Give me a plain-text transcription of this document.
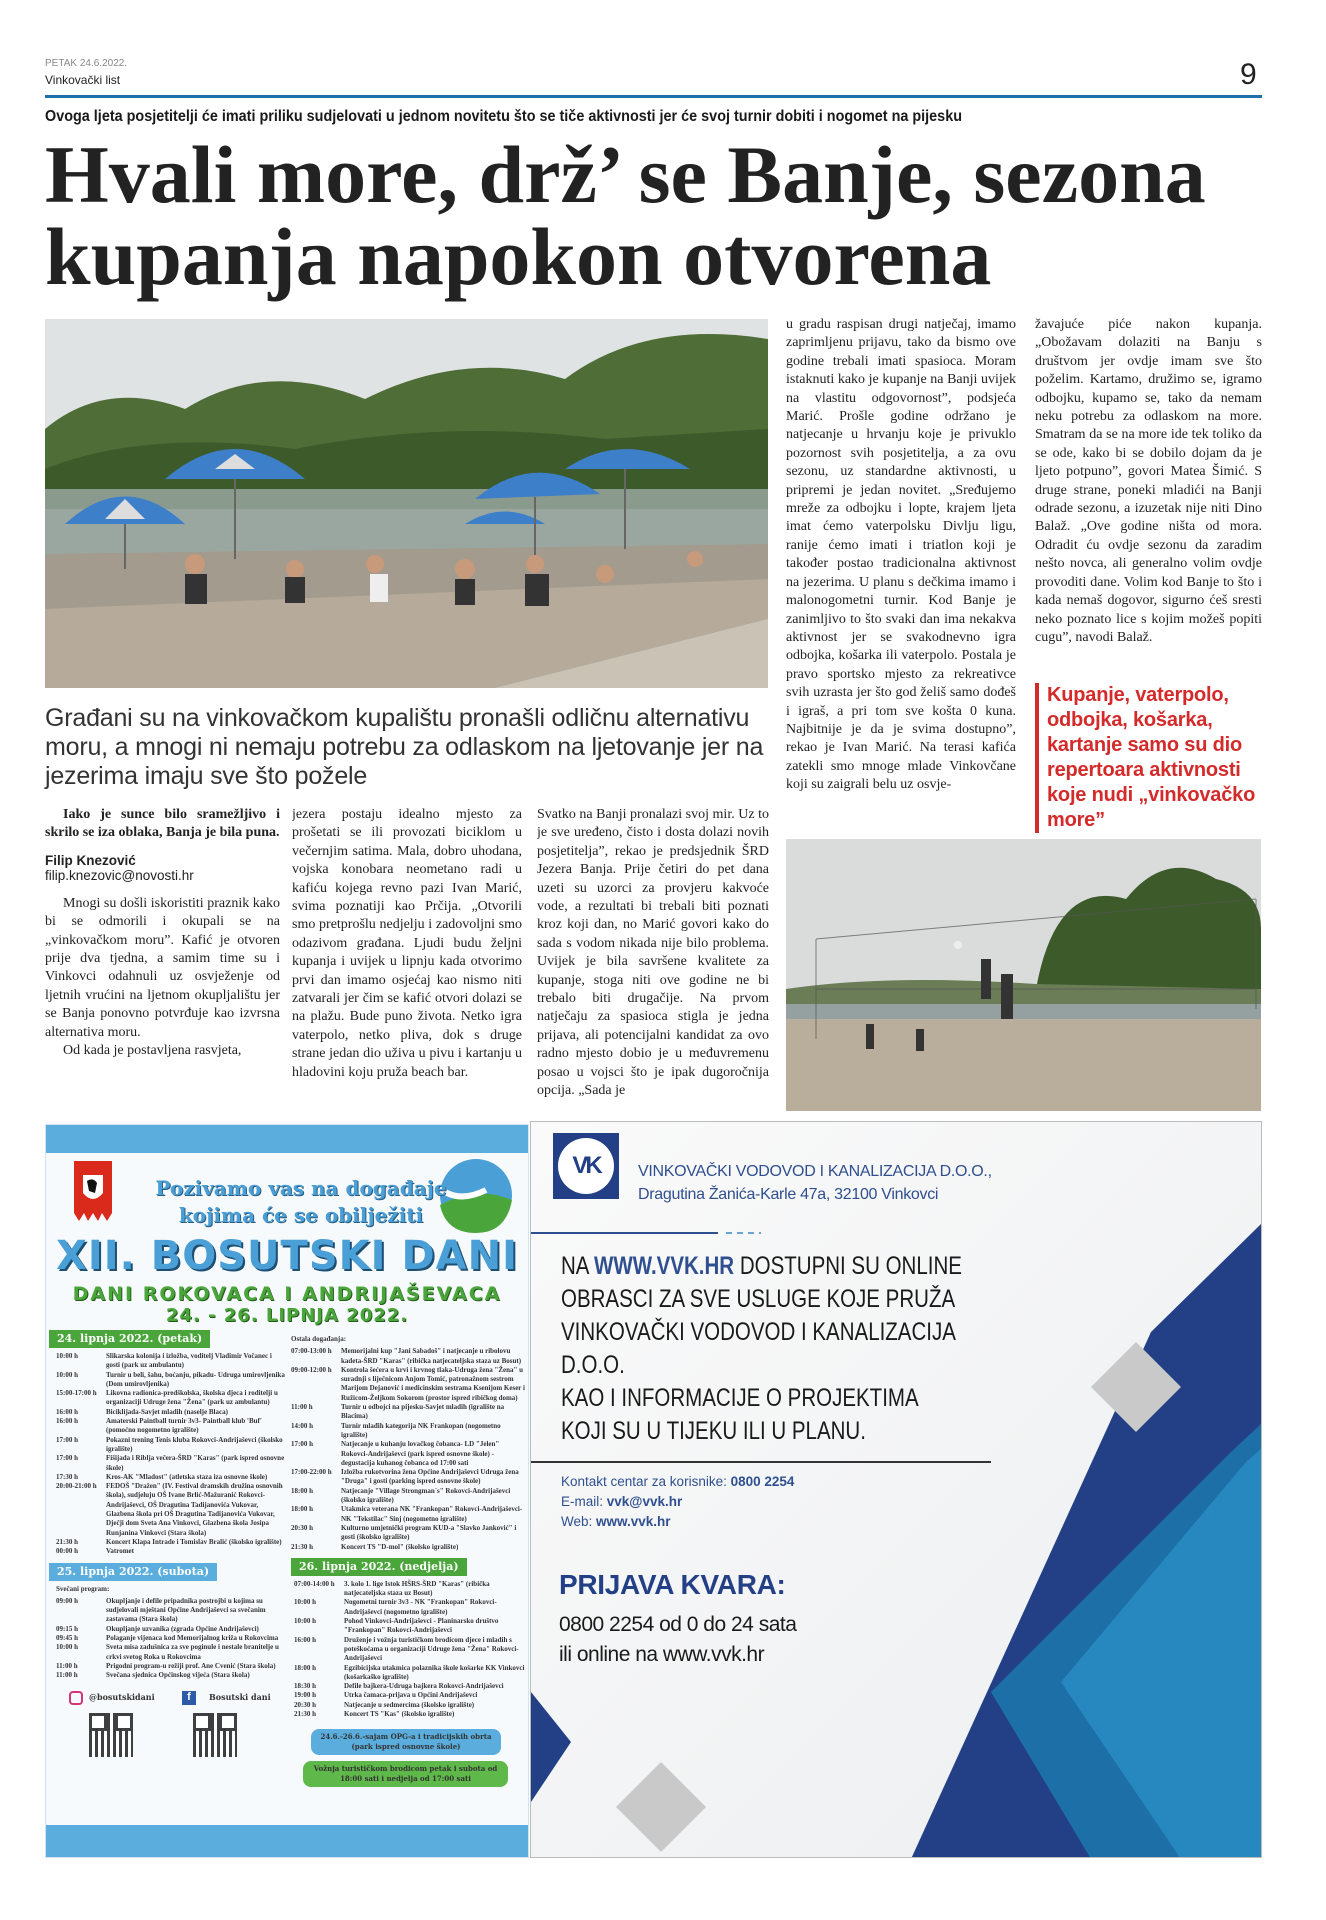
PETAK 24.6.2022.
Vinkovački list	9
Ovoga ljeta posjetitelji će imati priliku sudjelovati u jednom novitetu što se tiče aktivnosti jer će svoj turnir dobiti i nogomet na pijesku
Hvali more, drž’ se Banje, sezona kupanja napokon otvorena
Građani su na vinkovačkom kupalištu pronašli odličnu alternativu moru, a mnogi ni nemaju potrebu za odlaskom na ljetovanje jer na jezerima imaju sve što požele
Iako je sunce bilo sramežljivo i skrilo se iza oblaka, Banja je bila puna.
Filip Knezović
filip.knezovic@novosti.hr

Mnogi su došli iskoristiti praznik kako bi se odmorili i okupali se na „vinkovačkom moru”. Kafić je otvoren prije dva tjedna, a samim time su i Vinkovci odahnuli uz osvježenje od ljetnih vrućini na ljetnom okupljalištu jer se Banja ponovno potvrđuje kao izvrsna alternativa moru.

Od kada je postavljena rasvjeta,

jezera postaju idealno mjesto za prošetati se ili provozati biciklom u večernjim satima. Mala, dobro uhodana, vojska konobara neometano radi u kafiću kojega revno pazi Ivan Marić, svima poznatiji kao Prčija. „Otvorili smo pretprošlu nedjelju i zadovoljni smo odazivom građana. Ljudi budu željni kupanja i uvijek u lipnju kada otvorimo prvi dan imamo osjećaj kao nismo niti zatvarali jer čim se kafić otvori dolazi se na plažu. Bude puno života. Netko igra vaterpolo, netko pliva, dok s druge strane jedan dio uživa u pivu i kartanju u hladovini koju pruža beach bar.
Svatko na Banji pronalazi svoj mir. Uz to je sve uređeno, čisto i dosta dolazi novih posjetitelja”, rekao je predsjednik ŠRD Jezera Banja. Prije četiri do pet dana uzeti su uzorci za provjeru kakvoće vode, a rezultati bi trebali biti poznati kroz koji dan, no Marić govori kako do sada s vodom nikada nije bilo problema. Uvijek je bila savršene kvalitete za kupanje, stoga niti ove godine ne bi trebalo biti drugačije. Na prvom natječaju za spasioca stigla je jedna prijava, ali potencijalni kandidat za ovo radno mjesto dobio je u međuvremenu posao u vojsci što je ipak dugoročnija opcija. „Sada je
u gradu raspisan drugi natječaj, imamo zaprimljenu prijavu, tako da bismo ove godine trebali imati spasioca. Moram istaknuti kako je kupanje na Banji uvijek na vlastitu odgovornost”, podsjeća Marić. Prošle godine održano je natjecanje u hrvanju koje je privuklo pozornost svih posjetitelja, a za ovu sezonu, uz standardne aktivnosti, u pripremi je jedan novitet. „Sređujemo mreže za odbojku i lopte, krajem ljeta imat ćemo vaterpolsku Divlju ligu, ranije ćemo imati i triatlon koji je također postao tradicionalna aktivnost na jezerima. U planu s dečkima imamo i malonogometni turnir. Kod Banje je zanimljivo to što svaki dan ima nekakva aktivnost jer se svakodnevno igra odbojka, košarka ili vaterpolo. Postala je pravo sportsko mjesto za rekreativce svih uzrasta jer što god želiš samo dođeš i igraš, a pri tom sve košta 0 kuna. Najbitnije je da je svima dostupno”, rekao je Ivan Marić. Na terasi kafića zatekli smo mnoge mlade Vinkovčane koji su zaigrali belu uz osvje-
žavajuće piće nakon kupanja. „Obožavam dolaziti na Banju s društvom jer ovdje imam sve što poželim. Kartamo, družimo se, igramo odbojku, kupamo se, tako da nemam neku potrebu za odlaskom na more. Smatram da se na more ide tek toliko da se ode, kako bi se dobilo dojam da je ljeto potpuno”, govori Matea Šimić. S druge strane, poneki mladići na Banji odrade sezonu, a izuzetak nije niti Dino Balaž. „Ove godine ništa od mora. Odradit ću ovdje sezonu da zaradim nešto novca, ali generalno volim ovdje provoditi dane. Volim kod Banje to što i kada nemaš dogovor, sigurno ćeš sresti neko poznato lice s kojim možeš popiti cugu”, navodi Balaž.
Kupanje, vaterpolo, odbojka, košarka, kartanje samo su dio repertoara aktivnosti koje nudi „vinkovačko more”
Pozivamo vas na događaje kojima će se obilježiti
XII. BOSUTSKI DANI
DANI ROKOVACA I ANDRIJAŠEVACA
24. - 26. LIPNJA 2022.
24. lipnja 2022. (petak)
10:00 h	Slikarska kolonija i izložba, voditelj Vladimir Vočanec i gosti (park uz ambulantu)
10:00 h	Turnir u beli, šahu, boćanju, pikadu- Udruga umirovljenika (Dom umirovljenika)
15:00-17:00 h	Likovna radionica-predškolska, školska djeca i roditelji u organizaciji Udruge žena "Žena" (park uz ambulantu)
16:00 h	Biciklijada-Savjet mladih (naselje Blaca)
16:00 h	Amaterski Paintball turnir 3v3- Paintball klub 'Buf' (pomoćno nogometno igralište)
17:00 h	Pokazni trening Tenis kluba Rokovci-Andrijaševci (školsko igralište)
17:00 h	Fišijada i Riblja večera-ŠRD "Karas" (park ispred osnovne škole)
17:30 h	Kros-AK "Mladost" (atletska staza iza osnovne škole)
20:00-21:00 h	FEDOŠ "Dražen" (IV. Festival dramskih družina osnovnih škola), sudjeluju OŠ Ivane Brlić-Mažuranić Rokovci-Andrijaševci, OŠ Dragutina Tadijanovića Vukovar, Glazbena škola pri OŠ Dragutina Tadijanovića Vukovar, Dječji dom Sveta Ana Vinkovci, Glazbena škola Josipa Runjanina Vinkovci (Stara škola)
21:30 h	Koncert Klapa Intrade i Tomislav Bralić (školsko igralište)
00:00 h	Vatromet
25. lipnja 2022. (subota)
Svečani program:
09:00 h	Okupljanje i defile pripadnika postrojbi u kojima su sudjelovali mještani Općine Andrijaševci sa svečanim zastavama (Stara škola)
09:15 h	Okupljanje uzvanika (zgrada Općine Andrijaševci)
09:45 h	Polaganje vijenaca kod Memorijalnog križa u Rokovcima
10:00 h	Sveta misa zadušnica za sve poginule i nestale branitelje u crkvi svetog Roka u Rokovcima
11:00 h	Prigodni program-u režiji prof. Ane Cvenić (Stara škola)
11:00 h	Svečana sjednica Općinskog vijeća (Stara škola)
@bosutskidani	f	Bosutski dani
Ostala događanja:
07:00-13:00 h	Memorijalni kup "Jani Sabadoš" i natjecanje u ribolovu kadeta-ŠRD "Karas" (ribička natjecateljska staza uz Bosut)
09:00-12:00 h	Kontrola šećera u krvi i krvnog tlaka-Udruga žena "Žena" u suradnji s liječnicom Anjom Tomić, patronažnom sestrom Marijom Dejanović i medicinskim sestrama Ksenijom Keser i Ružicom-Željkom Sokorom (prostor ispred ribičkog doma)
11:00 h	Turnir u odbojci na pijesku-Savjet mladih (igralište na Blacima)
14:00 h	Turnir mlađih kategorija NK Frankopan (nogometno igralište)
17:00 h	Natjecanje u kuhanju lovačkog čobanca- LD "Jelen" Rokovci-Andrijaševci (park ispred osnovne škole) -degustacija kuhanog čobanca od 17:00 sati
17:00-22:00 h	Izložba rukotvorina žena Općine Andrijaševci Udruga žena "Druga" i gosti (parking ispred osnovne škole)
18:00 h	Natjecanje "Village Strongman´s" Rokovci-Andrijaševci (školsko igralište)
18:00 h	Utakmica veterana NK "Frankopan" Rokovci-Andrijaševci- NK "Tekstilac" Sinj (nogometno igralište)
20:30 h	Kulturno umjetnički program KUD-a "Slavko Janković" i gosti (školsko igralište)
21:30 h	Koncert TS "D-mol" (školsko igralište)
26. lipnja 2022. (nedjelja)
07:00-14:00 h	3. kolo 1. lige Istok HŠRS-ŠRD "Karas" (ribička natjecateljska staza uz Bosut)
10:00 h	Nogometni turnir 3v3 - NK "Frankopan" Rokovci-Andrijaševci (nogometno igralište)
10:00 h	Pohod Vinkovci-Andrijaševci - Planinarsko društvo "Frankopan" Rokovci-Andrijaševci
16:00 h	Druženje i vožnja turističkom brodicom djece i mladih s poteškoćama u organizaciji Udruge žena "Žena" Rokovci-Andrijaševci
18:00 h	Egzibicijska utakmica polaznika škole košarke KK Vinkovci (košarkaško igralište)
18:30 h	Defile bajkera-Udruga bajkera Rokovci-Andrijaševci
19:00 h	Utrka čamaca-prijava u Općini Andrijaševci
20:30 h	Natjecanje u sedmercima (školsko igralište)
21:30 h	Koncert TS "Kas" (školsko igralište)
24.6.-26.6.-sajam OPG-a i tradicijskih obrta (park ispred osnovne škole)
Vožnja turističkom brodicom petak i subota od 18:00 sati i nedjelja od 17:00 sati
VK	VINKOVAČKI VODOVOD I KANALIZACIJA D.O.O.,
Dragutina Žanića-Karle 47a, 32100 Vinkovci
NA WWW.VVK.HR DOSTUPNI SU ONLINE OBRASCI ZA SVE USLUGE KOJE PRUŽA VINKOVAČKI VODOVOD I KANALIZACIJA D.O.O.
KAO I INFORMACIJE O PROJEKTIMA KOJI SU U TIJEKU ILI U PLANU.
Kontakt centar za korisnike: 0800 2254
E-mail: vvk@vvk.hr
Web: www.vvk.hr
PRIJAVA KVARA:
0800 2254 od 0 do 24 sata
ili online na www.vvk.hr
